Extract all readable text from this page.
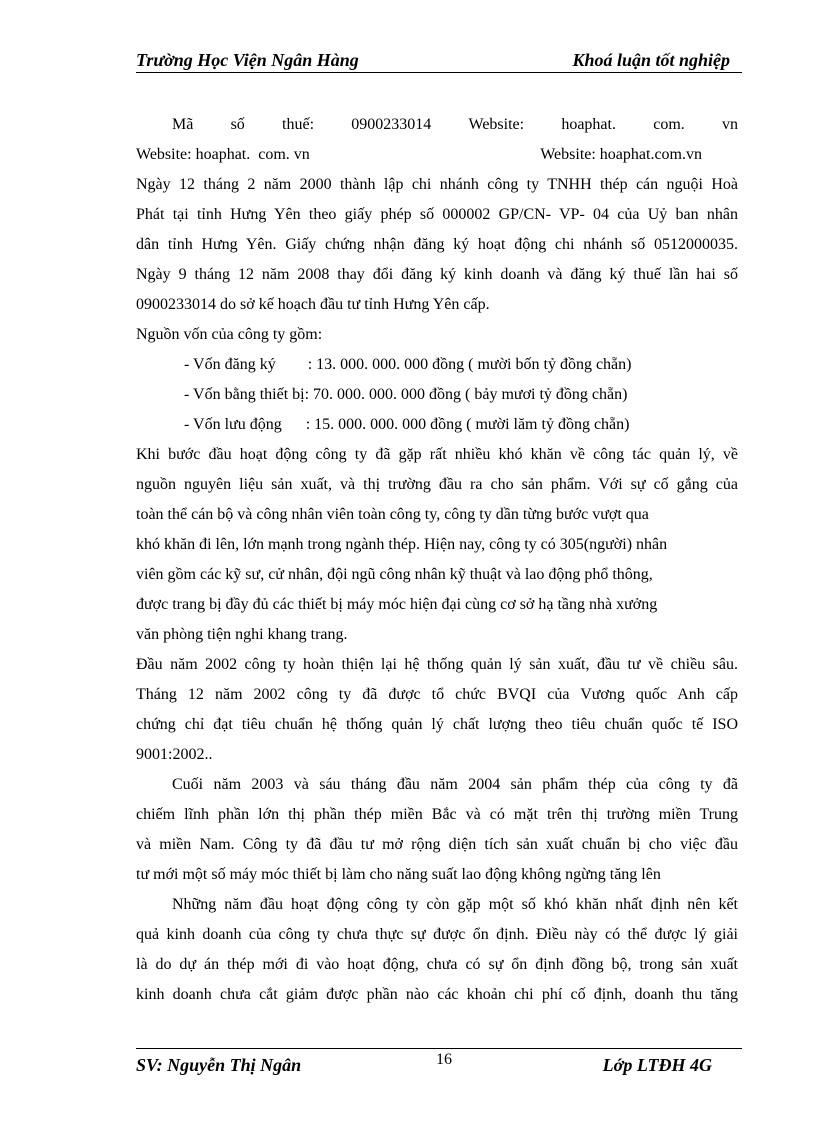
Trường Học Viện Ngân Hàng	Khoá luận tốt nghiệp
Mã số thuế: 0900233014 Website: hoaphat. com. vn
Website: hoaphat.  com. vn	Website: hoaphat.com.vn

Ngày 12 tháng 2 năm 2000 thành lập chi nhánh công ty TNHH thép cán nguội Hoà

Phát tại tỉnh Hưng Yên theo giấy phép số 000002 GP/CN- VP- 04 của Uỷ ban nhân

dân tỉnh Hưng Yên. Giấy chứng nhận đăng ký hoạt động chi nhánh số 0512000035.

Ngày 9 tháng 12 năm 2008 thay đổi đăng ký kinh doanh và đăng ký thuế lần hai số

0900233014 do sở kế hoạch đầu tư tỉnh Hưng Yên cấp.

Nguồn vốn của công ty gồm:

- Vốn đăng ký        : 13. 000. 000. 000 đồng ( mười bốn tỷ đồng chẵn)

- Vốn bằng thiết bị: 70. 000. 000. 000 đồng ( bảy mươi tỷ đồng chẵn)

- Vốn lưu động      : 15. 000. 000. 000 đồng ( mười lăm tỷ đồng chẵn)

Khi bước đầu hoạt động công ty đã gặp rất nhiều khó khăn về công tác quản lý, về

nguồn nguyên liệu sản xuất, và thị trường đầu ra cho sản phẩm. Với sự cố gắng của

toàn thể cán bộ và công nhân viên toàn công ty, công ty dần từng bước vượt qua

khó khăn đi lên, lớn mạnh trong ngành thép. Hiện nay, công ty có 305(người) nhân

viên gồm các kỹ sư, cử nhân, đội ngũ công nhân kỹ thuật và lao động phổ thông,

được trang bị đầy đủ các thiết bị máy móc hiện đại cùng cơ sở hạ tầng nhà xưởng

văn phòng tiện nghi khang trang.

Đầu năm 2002 công ty hoàn thiện lại hệ thống quản lý sản xuất, đầu tư về chiều sâu.

Tháng 12 năm 2002 công ty đã được tổ chức BVQI của Vương quốc Anh cấp

chứng chỉ đạt tiêu chuẩn hệ thống quản lý chất lượng theo tiêu chuẩn quốc tế ISO

9001:2002..

Cuối năm 2003 và sáu tháng đầu năm 2004 sản phẩm thép của công ty đã

chiếm lĩnh phần lớn thị phần thép miền Bắc và có mặt trên thị trường miền Trung

và miền Nam. Công ty đã đầu tư mở rộng diện tích sản xuất chuẩn bị cho việc đầu

tư mới một số máy móc thiết bị làm cho năng suất lao động không ngừng tăng lên

Những năm đầu hoạt động công ty còn gặp một số khó khăn nhất định nên kết

quả kinh doanh của công ty chưa thực sự được ổn định. Điều này có thể được lý giải

là do dự án thép mới đi vào hoạt động, chưa có sự ổn định đồng bộ, trong sản xuất

kinh doanh chưa cắt giảm được phần nào các khoản chi phí cố định, doanh thu tăng

SV: Nguyễn Thị Ngân	16	Lớp LTĐH 4G
